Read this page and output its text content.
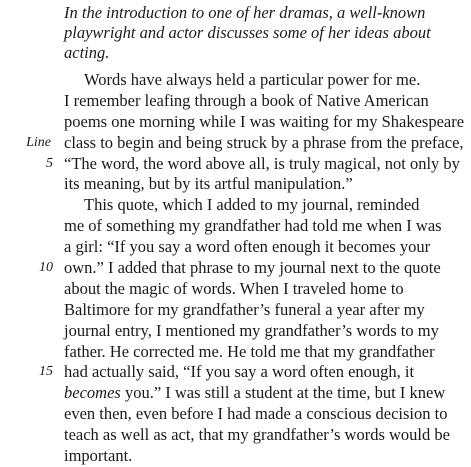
In the introduction to one of her dramas, a well-known
playwright and actor discusses some of her ideas about
acting.
Words have always held a particular power for me.
I remember leafing through a book of Native American
poems one morning while I was waiting for my Shakespeare
Line class to begin and being struck by a phrase from the preface,
5 “The word, the word above all, is truly magical, not only by
its meaning, but by its artful manipulation.”
This quote, which I added to my journal, reminded
me of something my grandfather had told me when I was
a girl: “If you say a word often enough it becomes your
10 own.” I added that phrase to my journal next to the quote
about the magic of words. When I traveled home to
Baltimore for my grandfather’s funeral a year after my
journal entry, I mentioned my grandfather’s words to my
father. He corrected me. He told me that my grandfather
15 had actually said, “If you say a word often enough, it
becomes you.” I was still a student at the time, but I knew
even then, even before I had made a conscious decision to
teach as well as act, that my grandfather’s words would be
important.
